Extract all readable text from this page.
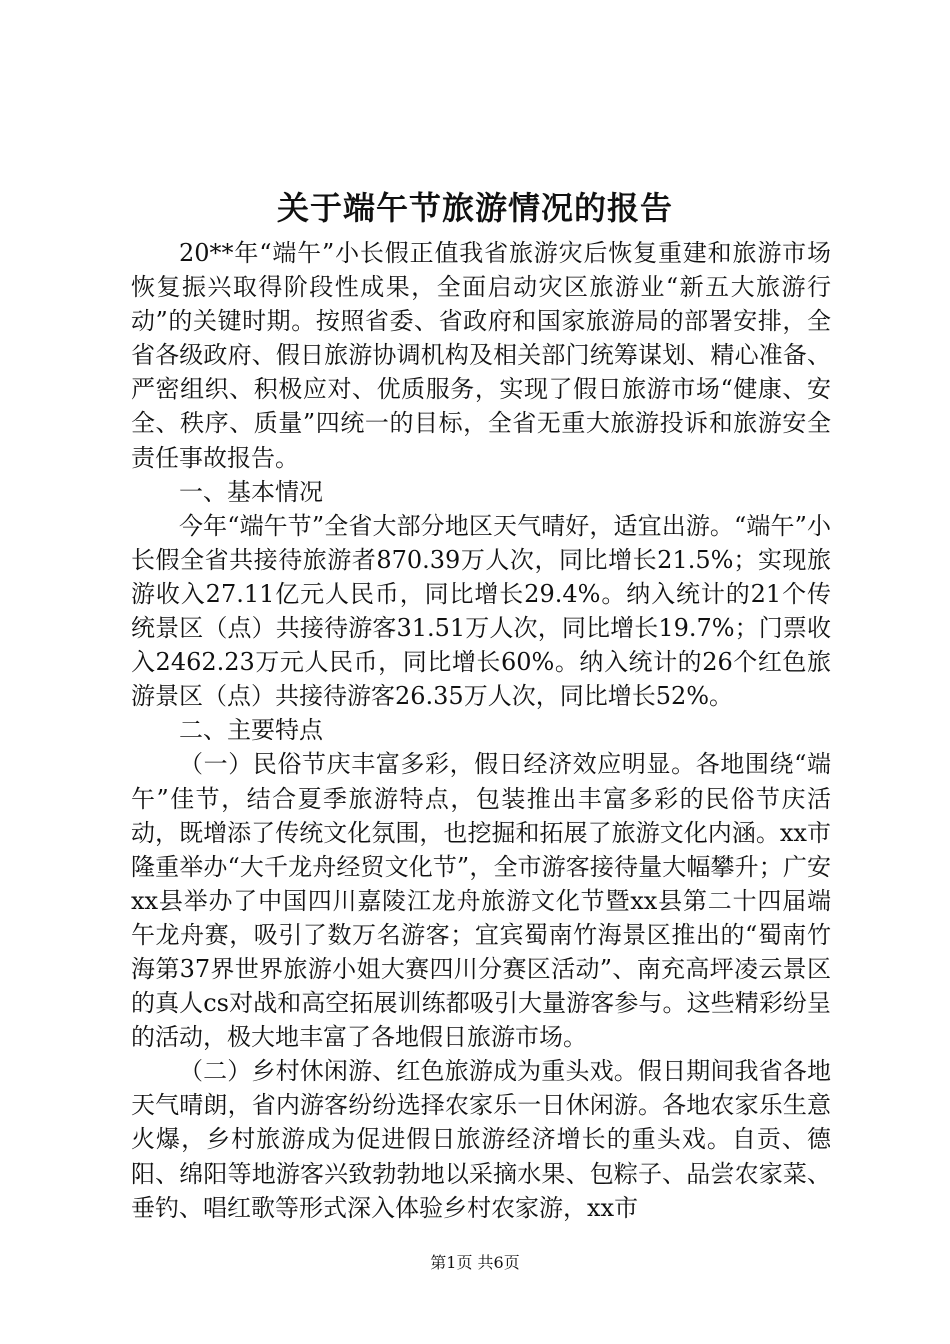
关于端午节旅游情况的报告

20**年“端午”小长假正值我省旅游灾后恢复重建和旅游市场恢复振兴取得阶段性成果，全面启动灾区旅游业“新五大旅游行动”的关键时期。按照省委、省政府和国家旅游局的部署安排，全省各级政府、假日旅游协调机构及相关部门统筹谋划、精心准备、严密组织、积极应对、优质服务，实现了假日旅游市场“健康、安全、秩序、质量”四统一的目标，全省无重大旅游投诉和旅游安全责任事故报告。

一、基本情况

今年“端午节”全省大部分地区天气晴好，适宜出游。“端午”小长假全省共接待旅游者870.39万人次，同比增长21.5%；实现旅游收入27.11亿元人民币，同比增长29.4%。纳入统计的21个传统景区（点）共接待游客31.51万人次，同比增长19.7%；门票收入2462.23万元人民币，同比增长60%。纳入统计的26个红色旅游景区（点）共接待游客26.35万人次，同比增长52%。

二、主要特点

（一）民俗节庆丰富多彩，假日经济效应明显。各地围绕“端午”佳节，结合夏季旅游特点，包装推出丰富多彩的民俗节庆活动，既增添了传统文化氛围，也挖掘和拓展了旅游文化内涵。xx市隆重举办“大千龙舟经贸文化节”，全市游客接待量大幅攀升；广安xx县举办了中国四川嘉陵江龙舟旅游文化节暨xx县第二十四届端午龙舟赛，吸引了数万名游客；宜宾蜀南竹海景区推出的“蜀南竹海第37界世界旅游小姐大赛四川分赛区活动”、南充高坪凌云景区的真人cs对战和高空拓展训练都吸引大量游客参与。这些精彩纷呈的活动，极大地丰富了各地假日旅游市场。

（二）乡村休闲游、红色旅游成为重头戏。假日期间我省各地天气晴朗，省内游客纷纷选择农家乐一日休闲游。各地农家乐生意火爆，乡村旅游成为促进假日旅游经济增长的重头戏。自贡、德阳、绵阳等地游客兴致勃勃地以采摘水果、包粽子、品尝农家菜、垂钓、唱红歌等形式深入体验乡村农家游，xx市

第1页 共6页
